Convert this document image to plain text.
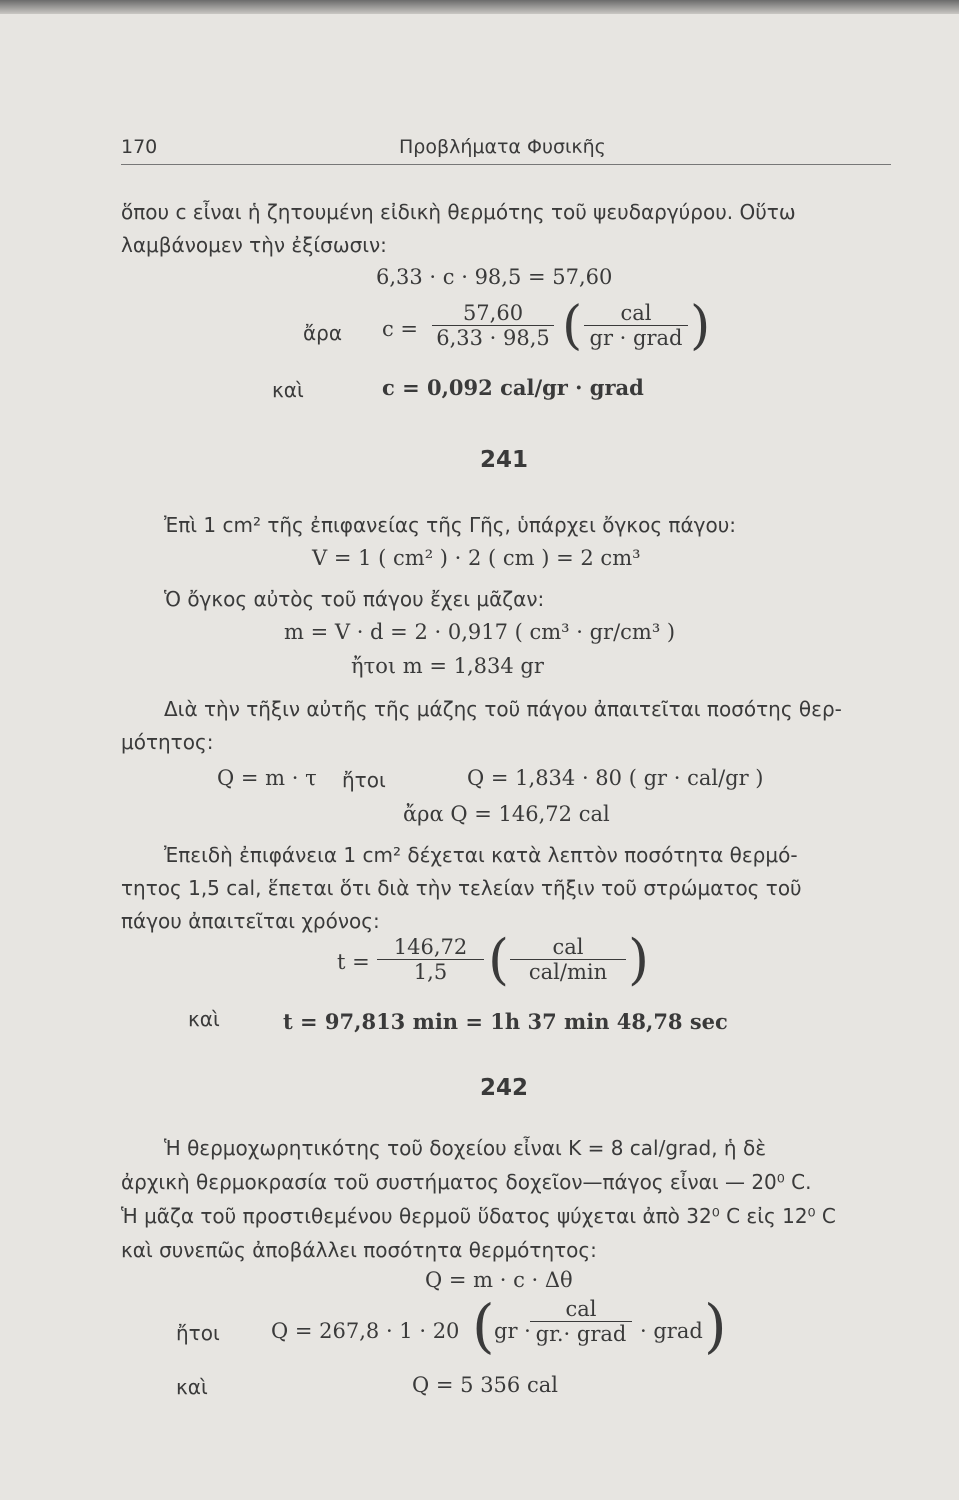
170	Προβλήματα Φυσικῆς
ὅπου c εἶναι ἡ ζητουμένη εἰδικὴ θερμότης τοῦ ψευδαργύρου. Οὕτω
λαμβάνομεν τὴν ἐξίσωσιν:
6,33 · c · 98,5 = 57,60
ἄρα c =
57,60
6,33 · 98,5 (	cal
gr · grad )
καὶ	c = 0,092 cal/gr · grad
241
Ἐπὶ 1 cm² τῆς ἐπιφανείας τῆς Γῆς, ὑπάρχει ὄγκος πάγου:
V = 1 ( cm² ) · 2 ( cm ) = 2 cm³
Ὁ ὄγκος αὐτὸς τοῦ πάγου ἔχει μᾶζαν:
m = V · d = 2 · 0,917 ( cm³ · gr/cm³ )
ἤτοι m = 1,834 gr
Διὰ τὴν τῆξιν αὐτῆς τῆς μάζης τοῦ πάγου ἀπαιτεῖται ποσότης θερ-
μότητος:
Q = m · τ ἤτοι	Q = 1,834 · 80 ( gr · cal/gr )
ἄρα Q = 146,72 cal
Ἐπειδὴ ἐπιφάνεια 1 cm² δέχεται κατὰ λεπτὸν ποσότητα θερμό-
τητος 1,5 cal, ἕπεται ὅτι διὰ τὴν τελείαν τῆξιν τοῦ στρώματος τοῦ
πάγου ἀπαιτεῖται χρόνος:
t =
146,72
1,5 (	cal
cal/min )
καὶ	t = 97,813 min = 1h 37 min 48,78 sec
242
Ἡ θερμοχωρητικότης τοῦ δοχείου εἶναι K = 8 cal/grad, ἡ δὲ
ἀρχικὴ θερμοκρασία τοῦ συστήματος δοχεῖον—πάγος εἶναι — 20⁰ C.
Ἡ μᾶζα τοῦ προστιθεμένου θερμοῦ ὕδατος ψύχεται ἀπὸ 32⁰ C εἰς 12⁰ C
καὶ συνεπῶς ἀποβάλλει ποσότητα θερμότητος:
Q = m · c · Δθ
ἤτοι Q = 267,8 · 1 · 20 ( gr ·
cal
gr.· grad · grad )
καὶ	Q = 5 356 cal
